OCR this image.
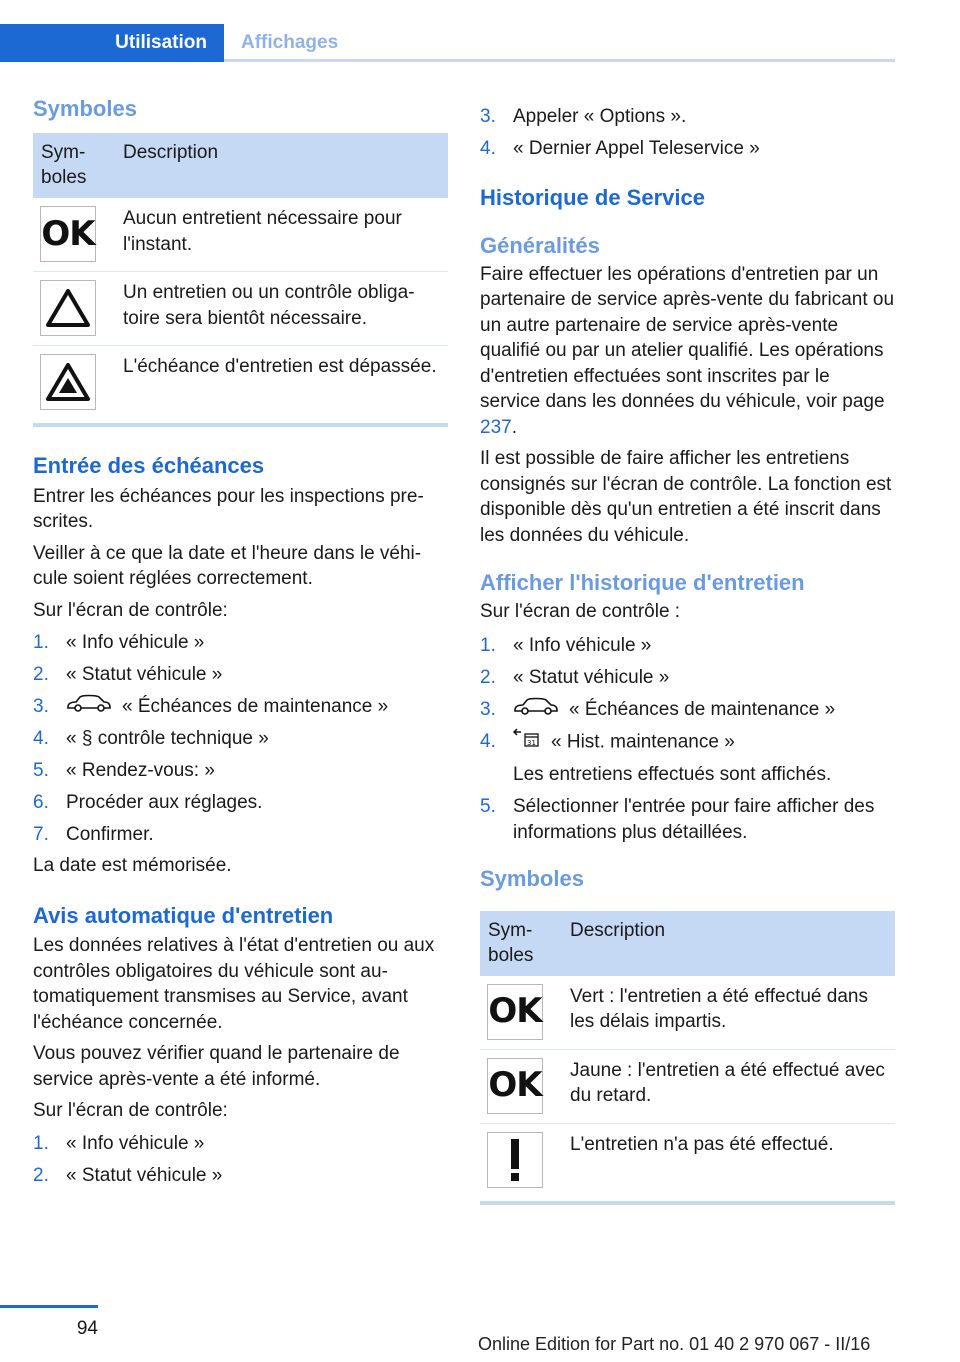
Utilisation	Affichages
Symboles
Sym-
boles	Description

OK	Aucun entretient nécessaire pour l'instant.

	Un entretien ou un contrôle obligatoire sera bientôt nécessaire.

	L'échéance d'entretien est dépassée.
Entrée des échéances

Entrer les échéances pour les inspections prescrites.

Veiller à ce que la date et l'heure dans le véhicule soient réglées correctement.

Sur l'écran de contrôle:

1. « Info véhicule »
2. « Statut véhicule »
3.	« Échéances de maintenance »
4. « § contrôle technique »
5. « Rendez-vous: »
6. Procéder aux réglages.
7. Confirmer.

La date est mémorisée.

Avis automatique d'entretien

Les données relatives à l'état d'entretien ou aux contrôles obligatoires du véhicule sont automatiquement transmises au Service, avant l'échéance concernée.

Vous pouvez vérifier quand le partenaire de service après-vente a été informé.

Sur l'écran de contrôle:

1. « Info véhicule »
2. « Statut véhicule »
3. Appeler « Options ».
4. « Dernier Appel Teleservice »
Historique de Service
Généralités

Faire effectuer les opérations d'entretien par un partenaire de service après-vente du fabricant ou un autre partenaire de service après-vente qualifié ou par un atelier qualifié. Les opérations d'entretien effectuées sont inscrites par le service dans les données du véhicule, voir page 237.

Il est possible de faire afficher les entretiens consignés sur l'écran de contrôle. La fonction est disponible dès qu'un entretien a été inscrit dans les données du véhicule.

Afficher l'historique d'entretien

Sur l'écran de contrôle :

1. « Info véhicule »
2. « Statut véhicule »
3.	« Échéances de maintenance »
4.	31 « Hist. maintenance »
Les entretiens effectués sont affichés.
5. Sélectionner l'entrée pour faire afficher des informations plus détaillées.
Symboles
Sym-
boles	Description

OK	Vert : l'entretien a été effectué dans les délais impartis.

OK	Jaune : l'entretien a été effectué avec du retard.

	L'entretien n'a pas été effectué.
94
Online Edition for Part no. 01 40 2 970 067 - II/16
